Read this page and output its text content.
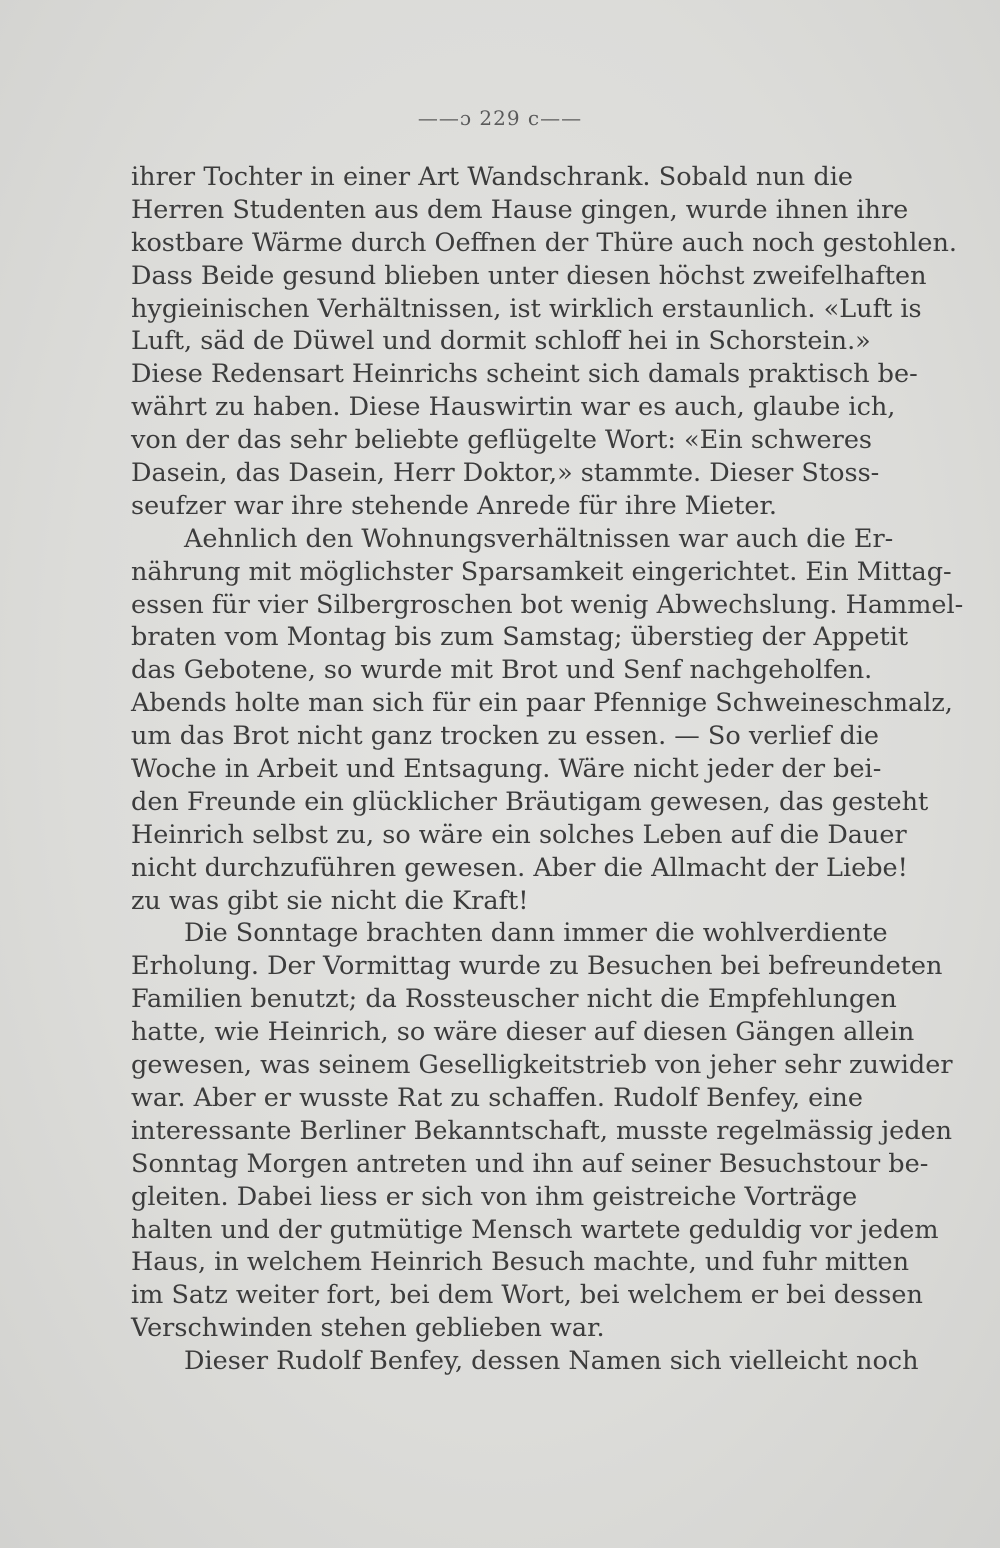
——ɔ 229 c——
ihrer Tochter in einer Art Wandschrank. Sobald nun die
Herren Studenten aus dem Hause gingen, wurde ihnen ihre
kostbare Wärme durch Oeffnen der Thüre auch noch gestohlen.
Dass Beide gesund blieben unter diesen höchst zweifelhaften
hygieinischen Verhältnissen, ist wirklich erstaunlich. «Luft is
Luft, säd de Düwel und dormit schloff hei in Schorstein.»
Diese Redensart Heinrichs scheint sich damals praktisch be-
währt zu haben. Diese Hauswirtin war es auch, glaube ich,
von der das sehr beliebte geflügelte Wort: «Ein schweres
Dasein, das Dasein, Herr Doktor,» stammte. Dieser Stoss-
seufzer war ihre stehende Anrede für ihre Mieter.
Aehnlich den Wohnungsverhältnissen war auch die Er-
nährung mit möglichster Sparsamkeit eingerichtet. Ein Mittag-
essen für vier Silbergroschen bot wenig Abwechslung. Hammel-
braten vom Montag bis zum Samstag; überstieg der Appetit
das Gebotene, so wurde mit Brot und Senf nachgeholfen.
Abends holte man sich für ein paar Pfennige Schweineschmalz,
um das Brot nicht ganz trocken zu essen. — So verlief die
Woche in Arbeit und Entsagung. Wäre nicht jeder der bei-
den Freunde ein glücklicher Bräutigam gewesen, das gesteht
Heinrich selbst zu, so wäre ein solches Leben auf die Dauer
nicht durchzuführen gewesen. Aber die Allmacht der Liebe!
zu was gibt sie nicht die Kraft!
Die Sonntage brachten dann immer die wohlverdiente
Erholung. Der Vormittag wurde zu Besuchen bei befreundeten
Familien benutzt; da Rossteuscher nicht die Empfehlungen
hatte, wie Heinrich, so wäre dieser auf diesen Gängen allein
gewesen, was seinem Geselligkeitstrieb von jeher sehr zuwider
war. Aber er wusste Rat zu schaffen. Rudolf Benfey, eine
interessante Berliner Bekanntschaft, musste regelmässig jeden
Sonntag Morgen antreten und ihn auf seiner Besuchstour be-
gleiten. Dabei liess er sich von ihm geistreiche Vorträge
halten und der gutmütige Mensch wartete geduldig vor jedem
Haus, in welchem Heinrich Besuch machte, und fuhr mitten
im Satz weiter fort, bei dem Wort, bei welchem er bei dessen
Verschwinden stehen geblieben war.
Dieser Rudolf Benfey, dessen Namen sich vielleicht noch
